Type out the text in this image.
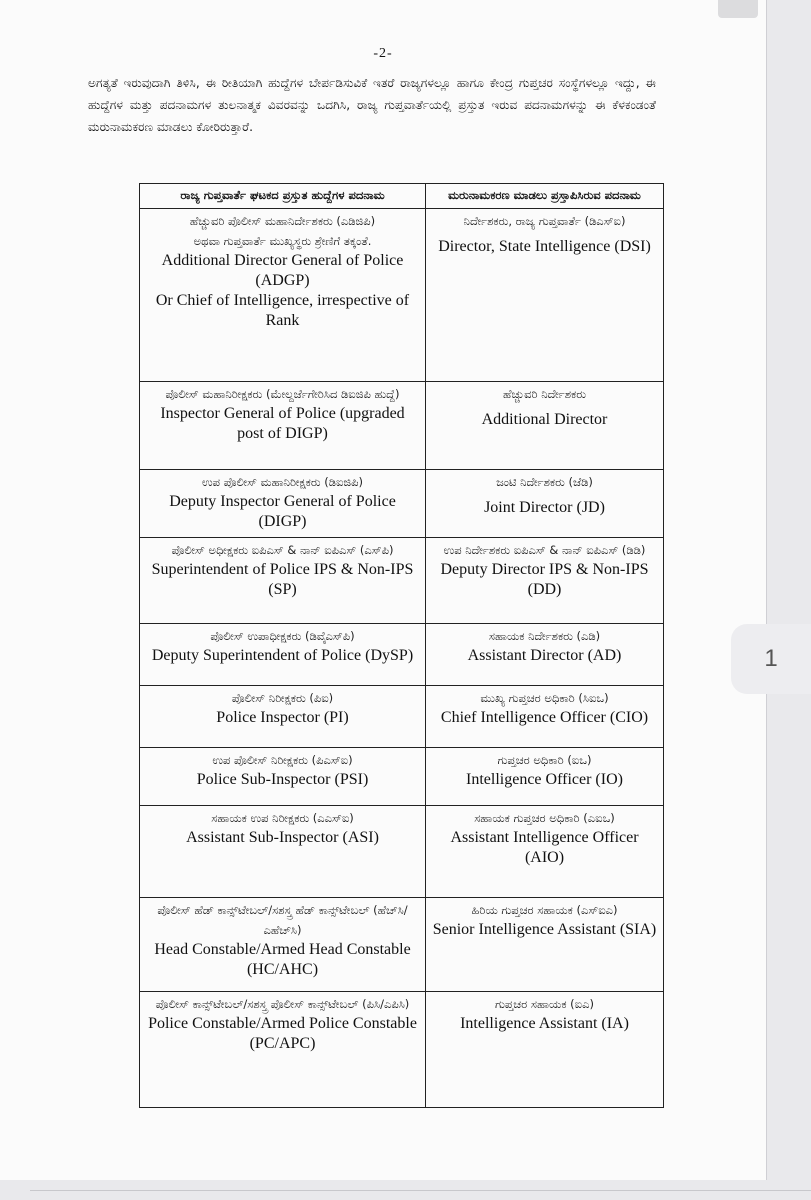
-2-
ಅಗತ್ಯತೆ ಇರುವುದಾಗಿ ತಿಳಿಸಿ, ಈ ರೀತಿಯಾಗಿ ಹುದ್ದೆಗಳ ಬೇರ್ಪಡಿಸುವಿಕೆ ಇತರೆ ರಾಜ್ಯಗಳಲ್ಲೂ ಹಾಗೂ ಕೇಂದ್ರ ಗುಪ್ತಚರ ಸಂಸ್ಥೆಗಳಲ್ಲೂ ಇದ್ದು, ಈ ಹುದ್ದೆಗಳ ಮತ್ತು ಪದನಾಮಗಳ ತುಲನಾತ್ಮಕ ವಿವರವನ್ನು ಒದಗಿಸಿ, ರಾಜ್ಯ ಗುಪ್ತವಾರ್ತೆಯಲ್ಲಿ ಪ್ರಸ್ತುತ ಇರುವ ಪದನಾಮಗಳನ್ನು ಈ ಕೆಳಕಂಡಂತೆ ಮರುನಾಮಕರಣ ಮಾಡಲು ಕೋರಿರುತ್ತಾರೆ.
ರಾಜ್ಯ ಗುಪ್ತವಾರ್ತೆ ಘಟಕದ ಪ್ರಸ್ತುತ ಹುದ್ದೆಗಳ ಪದನಾಮ	ಮರುನಾಮಕರಣ ಮಾಡಲು ಪ್ರಸ್ತಾಪಿಸಿರುವ ಪದನಾಮ

ಹೆಚ್ಚುವರಿ ಪೊಲೀಸ್ ಮಹಾನಿರ್ದೇಶಕರು (ಎಡಿಜಿಪಿ)
ಅಥವಾ ಗುಪ್ತವಾರ್ತೆ ಮುಖ್ಯಸ್ಥರು ಶ್ರೇಣಿಗೆ ತಕ್ಕಂತೆ.
Additional Director General of Police (ADGP)
Or Chief of Intelligence, irrespective of Rank	ನಿರ್ದೇಶಕರು, ರಾಜ್ಯ ಗುಪ್ತವಾರ್ತೆ (ಡಿಎಸ್‌ಐ)
Director, State Intelligence (DSI)

ಪೊಲೀಸ್ ಮಹಾನಿರೀಕ್ಷಕರು (ಮೇಲ್ದರ್ಜೆಗೇರಿಸಿದ ಡಿಐಜಿಪಿ ಹುದ್ದೆ)
Inspector General of Police (upgraded post of DIGP)	ಹೆಚ್ಚುವರಿ ನಿರ್ದೇಶಕರು
Additional Director

ಉಪ ಪೊಲೀಸ್ ಮಹಾನಿರೀಕ್ಷಕರು (ಡಿಐಜಿಪಿ)
Deputy Inspector General of Police (DIGP)	ಜಂಟಿ ನಿರ್ದೇಶಕರು (ಜೆಡಿ)
Joint Director (JD)

ಪೊಲೀಸ್ ಅಧೀಕ್ಷಕರು ಐಪಿಎಸ್ & ನಾನ್ ಐಪಿಎಸ್ (ಎಸ್‌ಪಿ)
Superintendent of Police IPS & Non-IPS (SP)	ಉಪ ನಿರ್ದೇಶಕರು ಐಪಿಎಸ್ & ನಾನ್ ಐಪಿಎಸ್ (ಡಿಡಿ)
Deputy Director IPS & Non-IPS (DD)

ಪೊಲೀಸ್ ಉಪಾಧೀಕ್ಷಕರು (ಡಿವೈಎಸ್‌ಪಿ)
Deputy Superintendent of Police (DySP)	ಸಹಾಯಕ ನಿರ್ದೇಶಕರು (ಎಡಿ)
Assistant Director (AD)

ಪೊಲೀಸ್ ನಿರೀಕ್ಷಕರು (ಪಿಐ)
Police Inspector (PI)	ಮುಖ್ಯ ಗುಪ್ತಚರ ಅಧಿಕಾರಿ (ಸಿಐಒ)
Chief Intelligence Officer (CIO)

ಉಪ ಪೊಲೀಸ್ ನಿರೀಕ್ಷಕರು (ಪಿಎಸ್‌ಐ)
Police Sub-Inspector (PSI)	ಗುಪ್ತಚರ ಅಧಿಕಾರಿ (ಐಒ)
Intelligence Officer (IO)

ಸಹಾಯಕ ಉಪ ನಿರೀಕ್ಷಕರು (ಎಎಸ್‌ಐ)
Assistant Sub-Inspector (ASI)	ಸಹಾಯಕ ಗುಪ್ತಚರ ಅಧಿಕಾರಿ (ಎಐಒ)
Assistant Intelligence Officer (AIO)

ಪೊಲೀಸ್ ಹೆಡ್ ಕಾನ್ಸ್‌ಟೇಬಲ್/ಸಶಸ್ತ್ರ ಹೆಡ್ ಕಾನ್ಸ್‌ಟೇಬಲ್ (ಹೆಚ್‌ಸಿ/ಎಹೆಚ್‌ಸಿ)
Head Constable/Armed Head Constable (HC/AHC)	ಹಿರಿಯ ಗುಪ್ತಚರ ಸಹಾಯಕ (ಎಸ್‌ಐಎ)
Senior Intelligence Assistant (SIA)

ಪೊಲೀಸ್ ಕಾನ್ಸ್‌ಟೇಬಲ್/ಸಶಸ್ತ್ರ ಪೊಲೀಸ್ ಕಾನ್ಸ್‌ಟೇಬಲ್ (ಪಿಸಿ/ಎಪಿಸಿ)
Police Constable/Armed Police Constable (PC/APC)	ಗುಪ್ತಚರ ಸಹಾಯಕ (ಐಎ)
Intelligence Assistant (IA)
1
